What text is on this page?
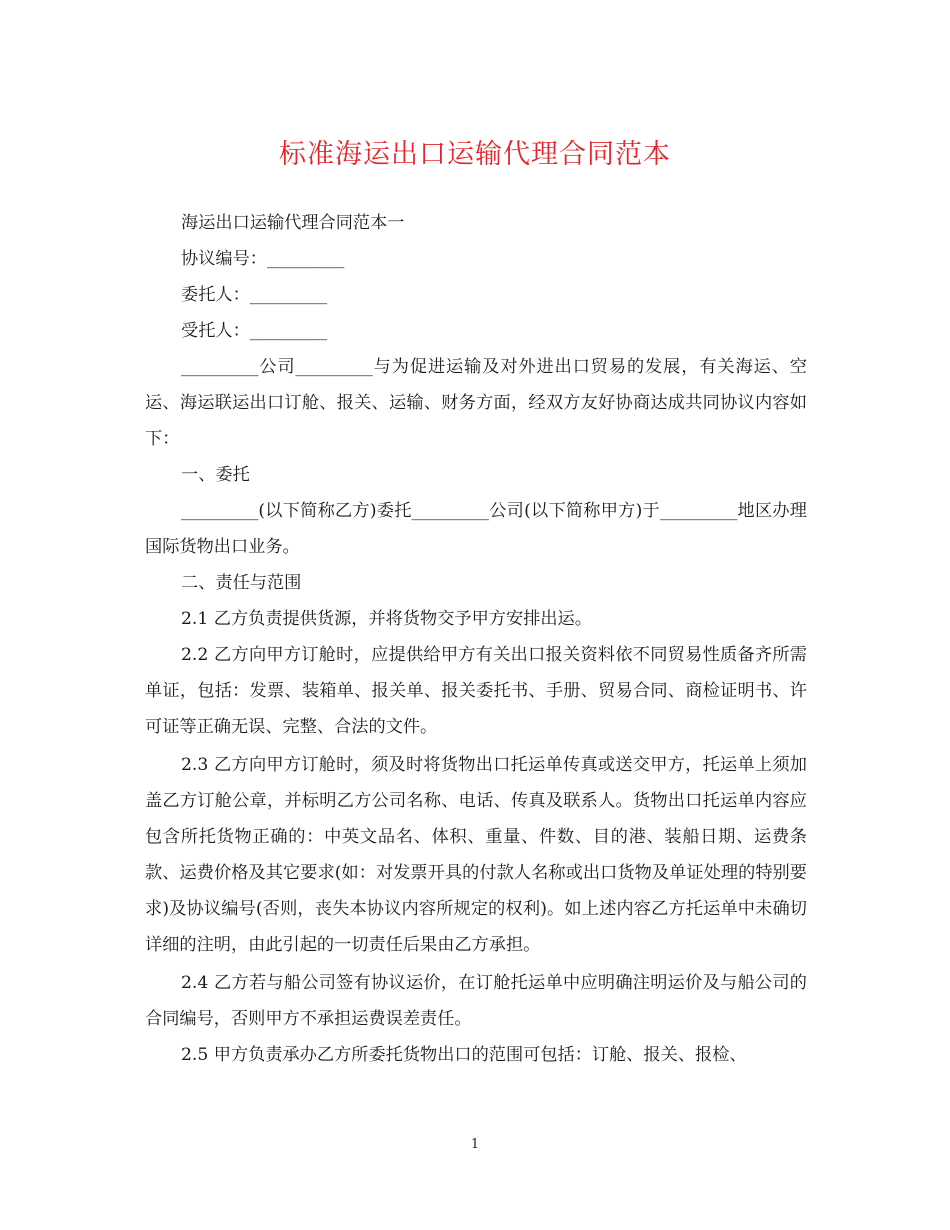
标准海运出口运输代理合同范本

海运出口运输代理合同范本一

协议编号：_________

委托人：_________

受托人：_________

_________公司_________与为促进运输及对外进出口贸易的发展，有关海运、空运、海运联运出口订舱、报关、运输、财务方面，经双方友好协商达成共同协议内容如下：

一、委托

_________(以下简称乙方)委托_________公司(以下简称甲方)于_________地区办理国际货物出口业务。

二、责任与范围

2.1 乙方负责提供货源，并将货物交予甲方安排出运。

2.2 乙方向甲方订舱时，应提供给甲方有关出口报关资料依不同贸易性质备齐所需单证，包括：发票、装箱单、报关单、报关委托书、手册、贸易合同、商检证明书、许可证等正确无误、完整、合法的文件。

2.3 乙方向甲方订舱时，须及时将货物出口托运单传真或送交甲方，托运单上须加盖乙方订舱公章，并标明乙方公司名称、电话、传真及联系人。货物出口托运单内容应包含所托货物正确的：中英文品名、体积、重量、件数、目的港、装船日期、运费条款、运费价格及其它要求(如：对发票开具的付款人名称或出口货物及单证处理的特别要求)及协议编号(否则，丧失本协议内容所规定的权利)。如上述内容乙方托运单中未确切详细的注明，由此引起的一切责任后果由乙方承担。

2.4 乙方若与船公司签有协议运价，在订舱托运单中应明确注明运价及与船公司的合同编号，否则甲方不承担运费误差责任。

2.5 甲方负责承办乙方所委托货物出口的范围可包括：订舱、报关、报检、

1
